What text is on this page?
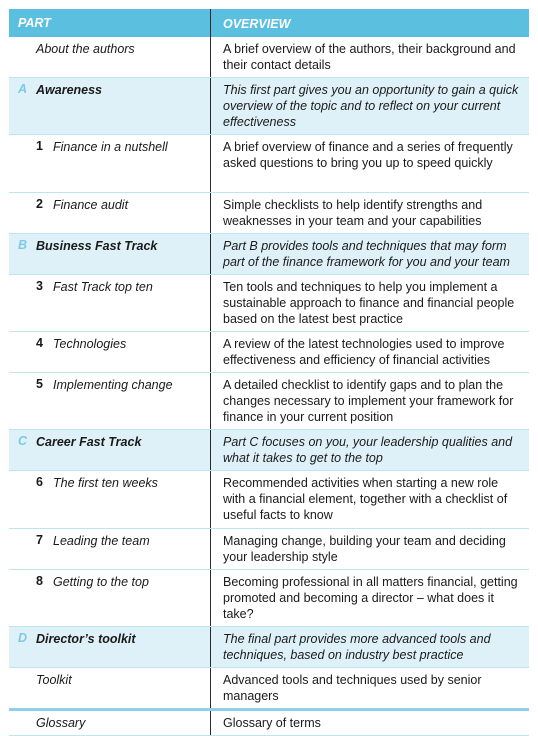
PART	OVERVIEW
About the authors	A brief overview of the authors, their background and their contact details
A Awareness	This first part gives you an opportunity to gain a quick overview of the topic and to reflect on your current effectiveness
1 Finance in a nutshell	A brief overview of finance and a series of frequently asked questions to bring you up to speed quickly
2 Finance audit	Simple checklists to help identify strengths and weaknesses in your team and your capabilities
B Business Fast Track	Part B provides tools and techniques that may form part of the finance framework for you and your team
3 Fast Track top ten	Ten tools and techniques to help you implement a sustainable approach to finance and financial people based on the latest best practice
4 Technologies	A review of the latest technologies used to improve effectiveness and efficiency of financial activities
5 Implementing change	A detailed checklist to identify gaps and to plan the changes necessary to implement your framework for finance in your current position
C Career Fast Track	Part C focuses on you, your leadership qualities and what it takes to get to the top
6 The first ten weeks	Recommended activities when starting a new role with a financial element, together with a checklist of useful facts to know
7 Leading the team	Managing change, building your team and deciding your leadership style
8 Getting to the top	Becoming professional in all matters financial, getting promoted and becoming a director – what does it take?
D Director’s toolkit	The final part provides more advanced tools and techniques, based on industry best practice
Toolkit	Advanced tools and techniques used by senior managers
Glossary	Glossary of terms
